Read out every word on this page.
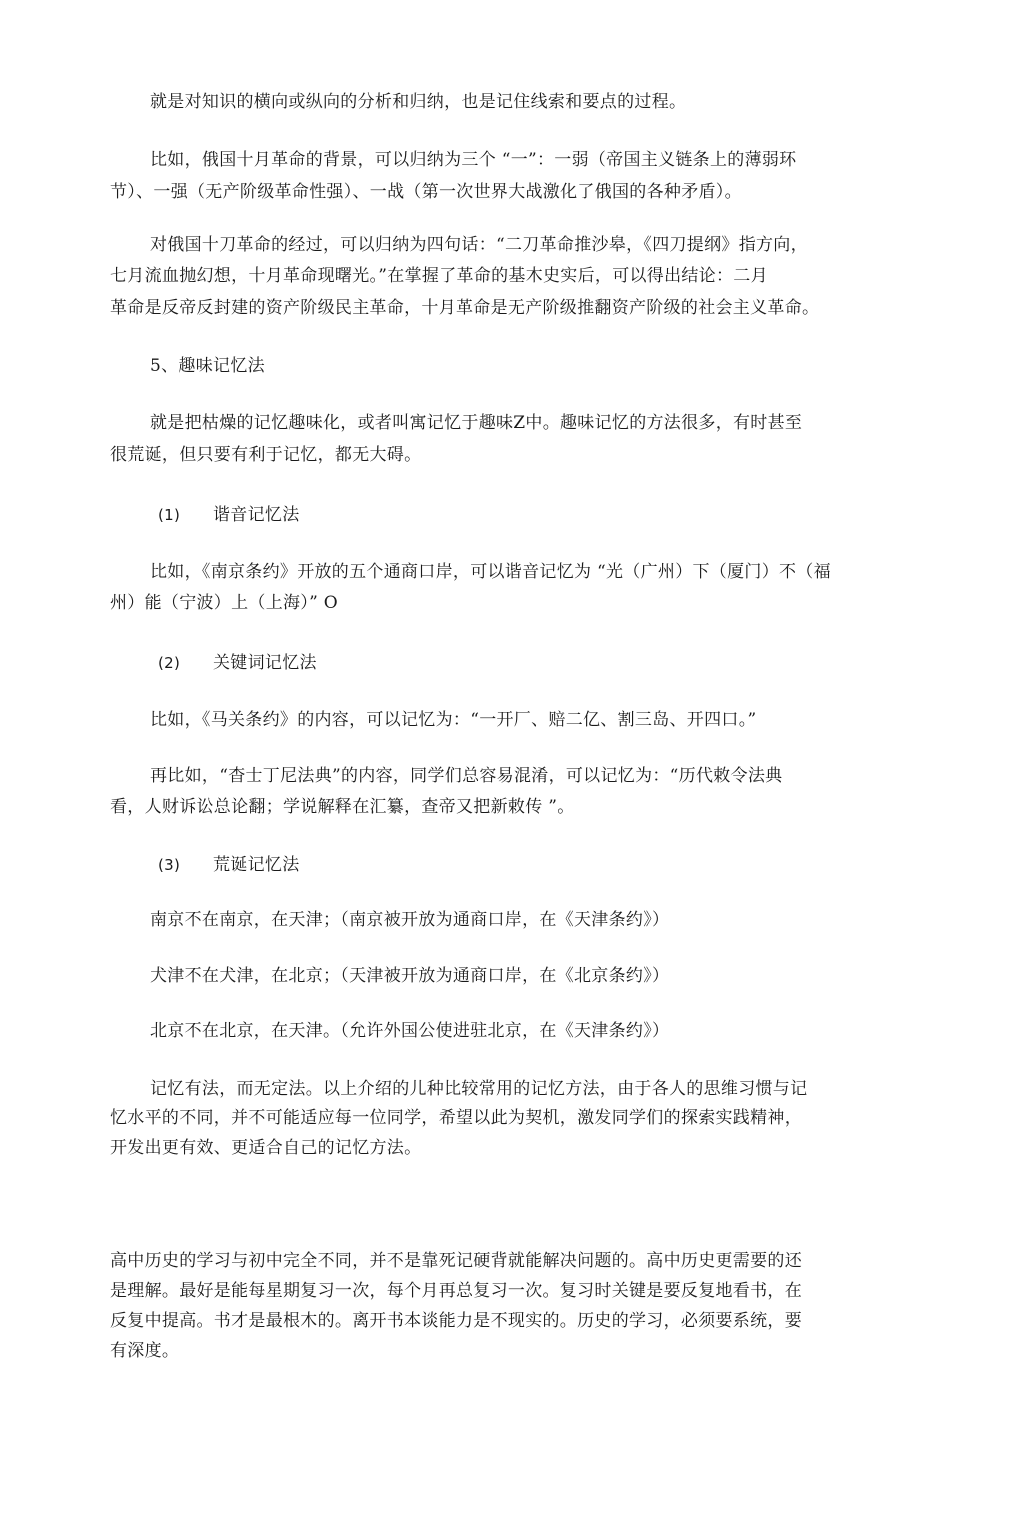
就是对知识的横向或纵向的分析和归纳，也是记住线索和要点的过程。
比如，俄国十月革命的背景，可以归纳为三个 “一”：一弱（帝国主义链条上的薄弱环
节）、一强（无产阶级革命性强）、一战（第一次世界大战激化了俄国的各种矛盾）。
对俄国十刀革命的经过，可以归纳为四句话：“二刀革命推沙皋，《四刀提纲》指方向，
七月流血抛幻想，十月革命现曙光。”在掌握了革命的基木史实后，可以得出结论：二月
革命是反帝反封建的资产阶级民主革命，十月革命是无产阶级推翻资产阶级的社会主义革命。
5、趣味记忆法
就是把枯燥的记忆趣味化，或者叫寓记忆于趣味Z中。趣味记忆的方法很多，有时甚至
很荒诞，但只要有利于记忆，都无大碍。
(1) 谐音记忆法
比如，《南京条约》开放的五个通商口岸，可以谐音记忆为 “光（广州）下（厦门）不（福
州）能（宁波）上（上海）” O
(2) 关键词记忆法
比如，《马关条约》的内容，可以记忆为：“一开厂、赔二亿、割三岛、开四口。”
再比如，“杳士丁尼法典”的内容，同学们总容易混淆，可以记忆为：“历代敕令法典
看，人财诉讼总论翻；学说解释在汇纂，查帝又把新敕传 ”。
(3) 荒诞记忆法
南京不在南京，在天津；（南京被开放为通商口岸，在《天津条约》）
犬津不在犬津，在北京；（天津被开放为通商口岸，在《北京条约》）
北京不在北京，在天津。（允许外国公使进驻北京，在《天津条约》）
记忆有法，而无定法。以上介绍的儿种比较常用的记忆方法，由于各人的思维习惯与记
忆水平的不同，并不可能适应每一位同学，希望以此为契机，激发同学们的探索实践精神，
开发出更有效、更适合自己的记忆方法。
高中历史的学习与初中完全不同，并不是靠死记硬背就能解决问题的。高中历史更需要的还
是理解。最好是能每星期复习一次，每个月再总复习一次。复习时关键是要反复地看书，在
反复中提高。书才是最根木的。离开书本谈能力是不现实的。历史的学习，必须要系统，要
有深度。
